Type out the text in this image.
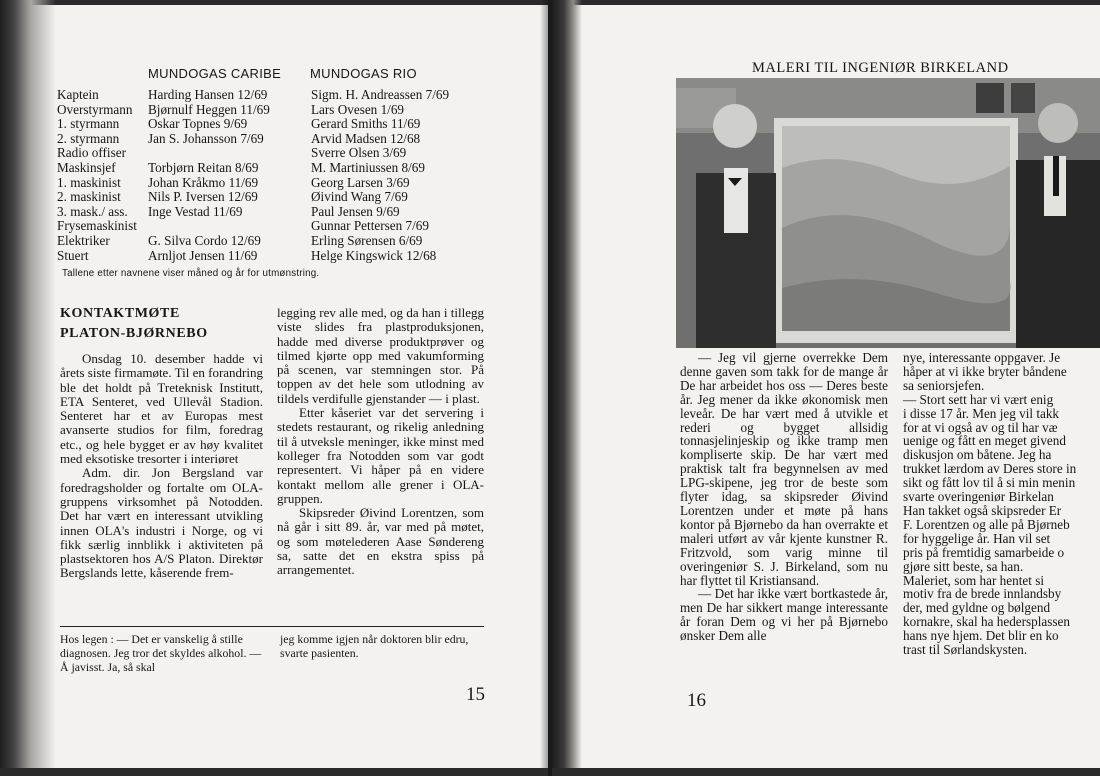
MUNDOGAS CARIBE MUNDOGAS RIO
Kaptein
Overstyrmann
1. styrmann
2. styrmann
Radio offiser
Maskinsjef
1. maskinist
2. maskinist
3. mask./ ass.
Frysemaskinist
Elektriker
Stuert
Harding Hansen 12/69
Bjørnulf Heggen 11/69
Oskar Topnes 9/69
Jan S. Johansson 7/69
Torbjørn Reitan 8/69
Johan Kråkmo 11/69
Nils P. Iversen 12/69
Inge Vestad 11/69
G. Silva Cordo 12/69
Arnljot Jensen 11/69
Sigm. H. Andreassen 7/69
Lars Ovesen 1/69
Gerard Smiths 11/69
Arvid Madsen 12/68
Sverre Olsen 3/69
M. Martiniussen 8/69
Georg Larsen 3/69
Øivind Wang 7/69
Paul Jensen 9/69
Gunnar Pettersen 7/69
Erling Sørensen 6/69
Helge Kingswick 12/68
Tallene etter navnene viser måned og år for utmønstring.
KONTAKTMØTE
PLATON-BJØRNEBO

Onsdag 10. desember hadde vi årets siste firmamøte. Til en forandring ble det holdt på Treteknisk Institutt, ETA Senteret, ved Ullevål Stadion. Senteret har et av Europas mest avanserte studios for film, foredrag etc., og hele bygget er av høy kvalitet med eksotiske tresorter i interiøret

Adm. dir. Jon Bergsland var foredragsholder og fortalte om OLA-gruppens virksomhet på Notodden. Det har vært en interessant utvikling innen OLA's industri i Norge, og vi fikk særlig innblikk i aktiviteten på plastsektoren hos A/S Platon. Direktør Bergslands lette, kåserende frem-

legging rev alle med, og da han i tillegg viste slides fra plastproduksjonen, hadde med diverse produktprøver og tilmed kjørte opp med vakumforming på scenen, var stemningen stor. På toppen av det hele som utlodning av tildels verdifulle gjenstander — i plast.

Etter kåseriet var det servering i stedets restaurant, og rikelig anledning til å utveksle meninger, ikke minst med kolleger fra Notodden som var godt representert. Vi håper på en videre kontakt mellom alle grener i OLA-gruppen.

Skipsreder Øivind Lorentzen, som nå går i sitt 89. år, var med på møtet, og som møtelederen Aase Søndereng sa, satte det en ekstra spiss på arrangementet.

Hos legen : — Det er vanskelig å stille diagnosen. Jeg tror det skyldes alkohol. — Å javisst. Ja, så skal
jeg komme igjen når doktoren blir edru, svarte pasienten.
15
MALERI TIL INGENIØR BIRKELAND

— Jeg vil gjerne overrekke Dem denne gaven som takk for de mange år De har arbeidet hos oss — Deres beste år. Jeg mener da ikke økonomisk men leveår. De har vært med å utvikle et rederi og bygget allsidig tonnasjelinjeskip og ikke tramp men kompliserte skip. De har vært med praktisk talt fra begynnelsen av med LPG-skipene, jeg tror de beste som flyter idag, sa skipsreder Øivind Lorentzen under et møte på hans kontor på Bjørnebo da han overrakte et maleri utført av vår kjente kunstner R. Fritzvold, som varig minne til overingeniør S. J. Birkeland, som nu har flyttet til Kristiansand.

— Det har ikke vært bortkastede år, men De har sikkert mange interessante år foran Dem og vi her på Bjørnebo ønsker Dem alle

nye, interessante oppgaver. Je
håper at vi ikke bryter båndene
sa seniorsjefen.
— Stort sett har vi vært enig
i disse 17 år. Men jeg vil takk
for at vi også av og til har væ
uenige og fått en meget givend
diskusjon om båtene. Jeg ha
trukket lærdom av Deres store in
sikt og fått lov til å si min menin
svarte overingeniør Birkelan
Han takket også skipsreder Er
F. Lorentzen og alle på Bjørneb
for hyggelige år. Han vil set
pris på fremtidig samarbeide o
gjøre sitt beste, sa han.
Maleriet, som har hentet si
motiv fra de brede innlandsby
der, med gyldne og bølgend
kornakre, skal ha hedersplassen
hans nye hjem. Det blir en ko
trast til Sørlandskysten.
16
